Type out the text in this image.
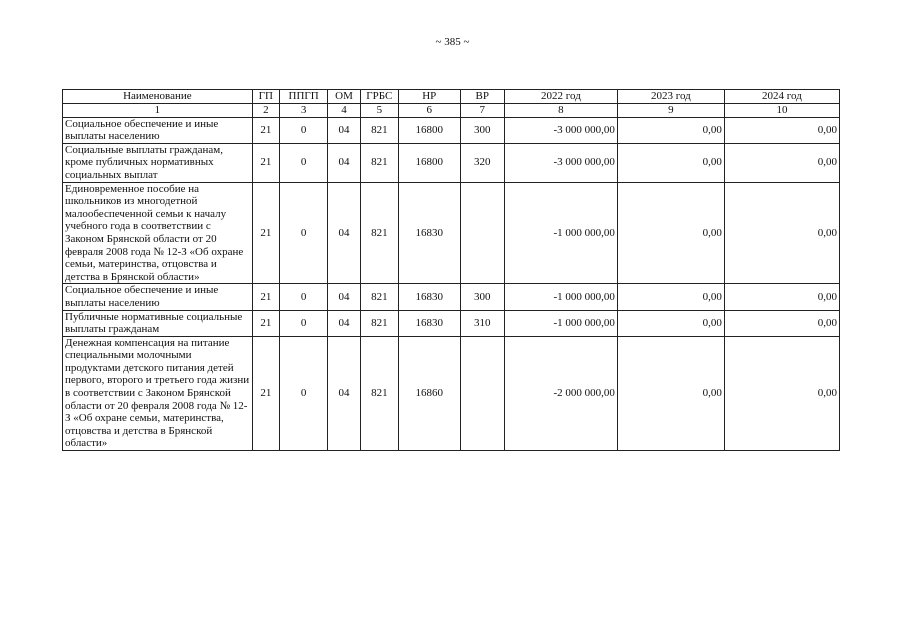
~ 385 ~
Наименование	ГП	ППГП	ОМ	ГРБС	НР	ВР	2022 год	2023 год	2024 год
1	2	3	4	5	6	7	8	9	10
Социальное обеспечение и иные выплаты населению	21	0	04	821	16800	300	-3 000 000,00	0,00	0,00
Социальные выплаты гражданам, кроме публичных нормативных социальных выплат	21	0	04	821	16800	320	-3 000 000,00	0,00	0,00
Единовременное пособие на школьников из многодетной малообеспеченной семьи к началу учебного года в соответствии с Законом Брянской области от 20 февраля 2008 года № 12-З «Об охране семьи, материнства, отцовства и детства в Брянской области»	21	0	04	821	16830		-1 000 000,00	0,00	0,00
Социальное обеспечение и иные выплаты населению	21	0	04	821	16830	300	-1 000 000,00	0,00	0,00
Публичные нормативные социальные выплаты гражданам	21	0	04	821	16830	310	-1 000 000,00	0,00	0,00
Денежная компенсация на питание специальными молочными продуктами детского питания детей первого, второго и третьего года жизни в соответствии с Законом Брянской области от 20 февраля 2008 года № 12-З «Об охране семьи, материнства, отцовства и детства в Брянской области»	21	0	04	821	16860		-2 000 000,00	0,00	0,00
